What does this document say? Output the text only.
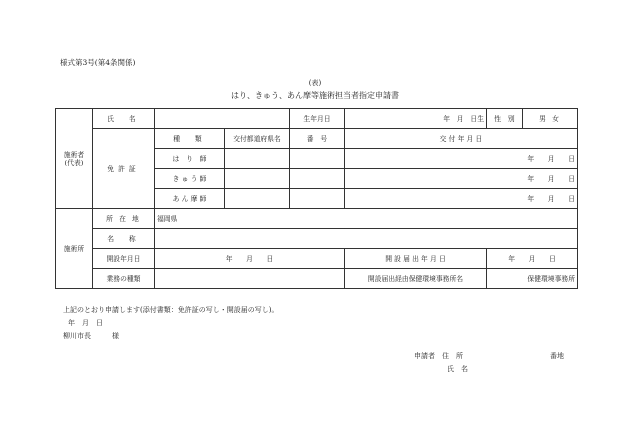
様式第3号(第4条関係)
(表)
はり、きゅう、あん摩等施術担当者指定申請書
施術者
(代表)	氏　名			生年月日	年　月　日生	性　別	男 女
	免許証	種　類	交付都道府県名	番　号	交 付 年 月 日		
		は　り　師			年　　月　　日		
		き ゅ う 師			年　　月　　日		
		あ ん 摩 師			年　　月　　日		
施術所	所 在 地	福岡県					
	名　称						
	開設年月日	年　　月　　日			開 設 届 出 年 月 日	年　　月　　日	
	業務の種類				開設届出経由保健環境事務所名	保健環境事務所	
上記のとおり申請します(添付書類：免許証の写し・開設届の写し)。
年　月　日
柳川市長　　　様
申請者　住　所	番地
氏　名
